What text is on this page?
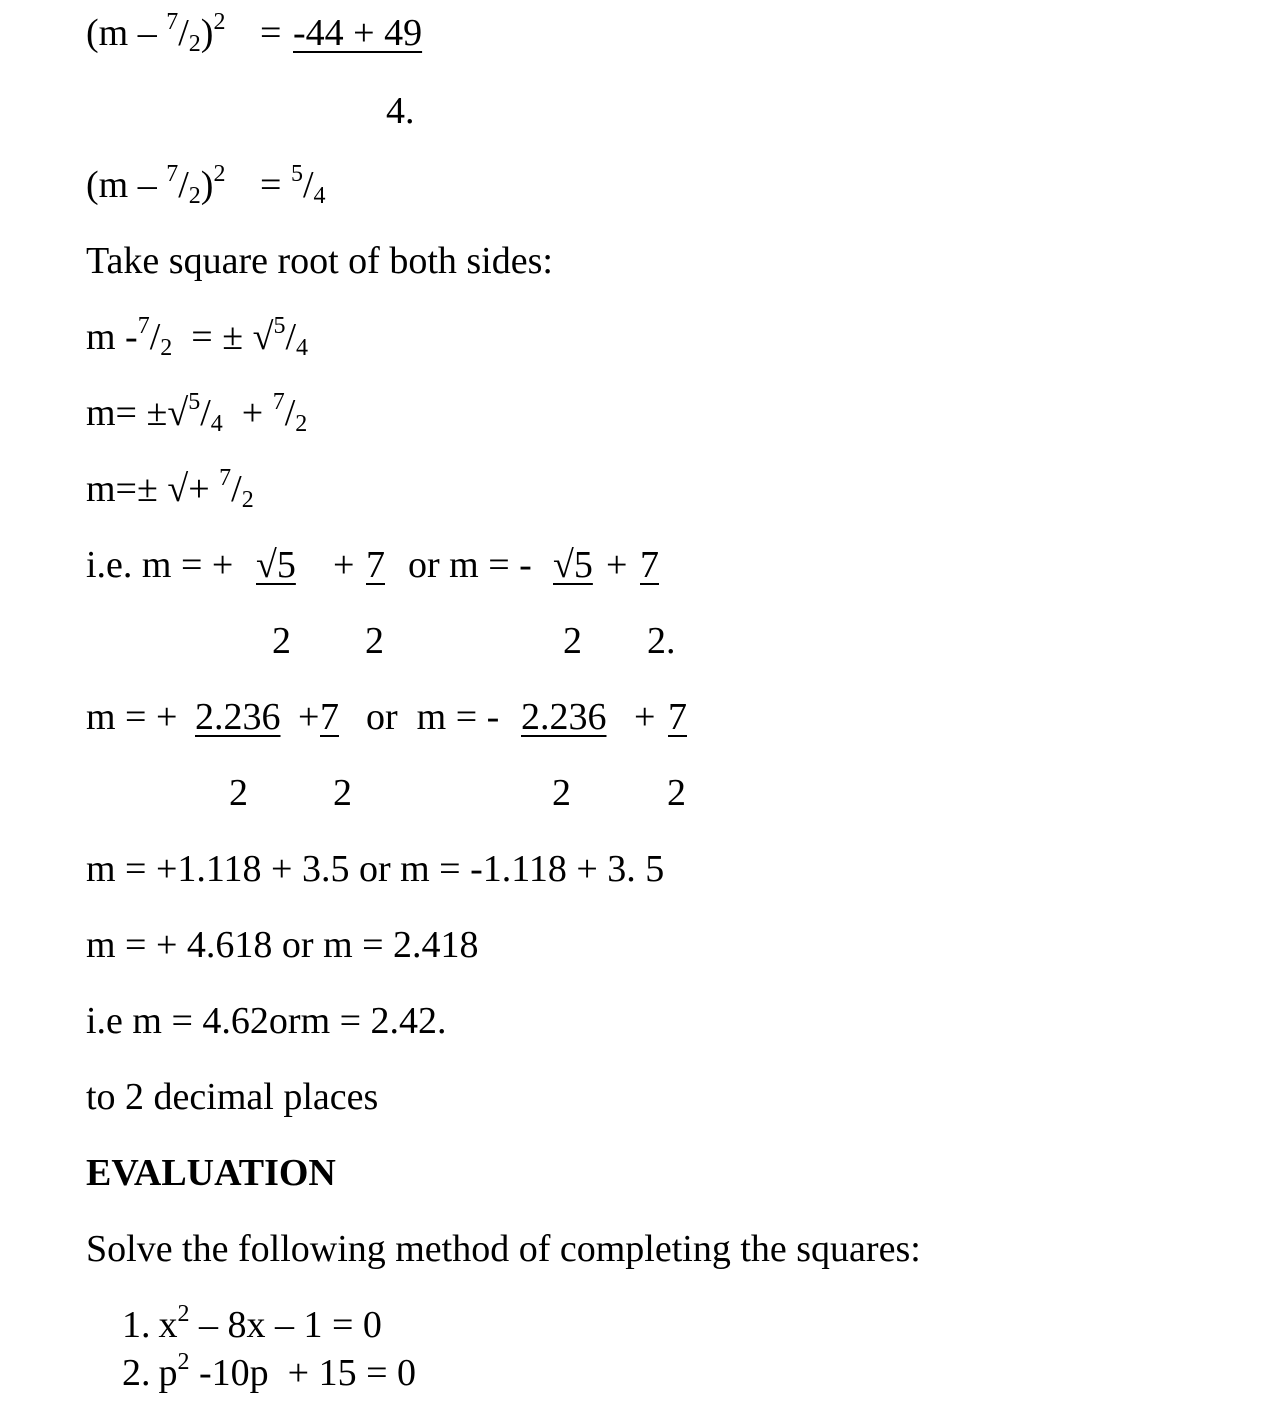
$(m - ^7/_2)^2 = -44 + 49$
4.
$(m - ^7/_2)^2 = ^5/_4$
Take square root of both sides:
m $-^7/_2$  = ± $√^5/_4$
$m= \pm√^5/_4 + ^7/_2$
m=± √+ $^7/_2$
i.e. m = + √5 + 7 or m = - √5 + 7
2 2	2 2.
m = + 2.236 + 7 or  m = - 2.236 + 7
2 2	2	2
m = +1.118 + 3.5 or m = -1.118 + 3. 5
m = + 4.618 or m = 2.418
i.e m = 4.62orm = 2.42.
to 2 decimal places
EVALUATION
Solve the following method of completing the squares:
1. $x^2 - 8x - 1 = 0$
2. $p^2$ -10p  + 15 = 0
